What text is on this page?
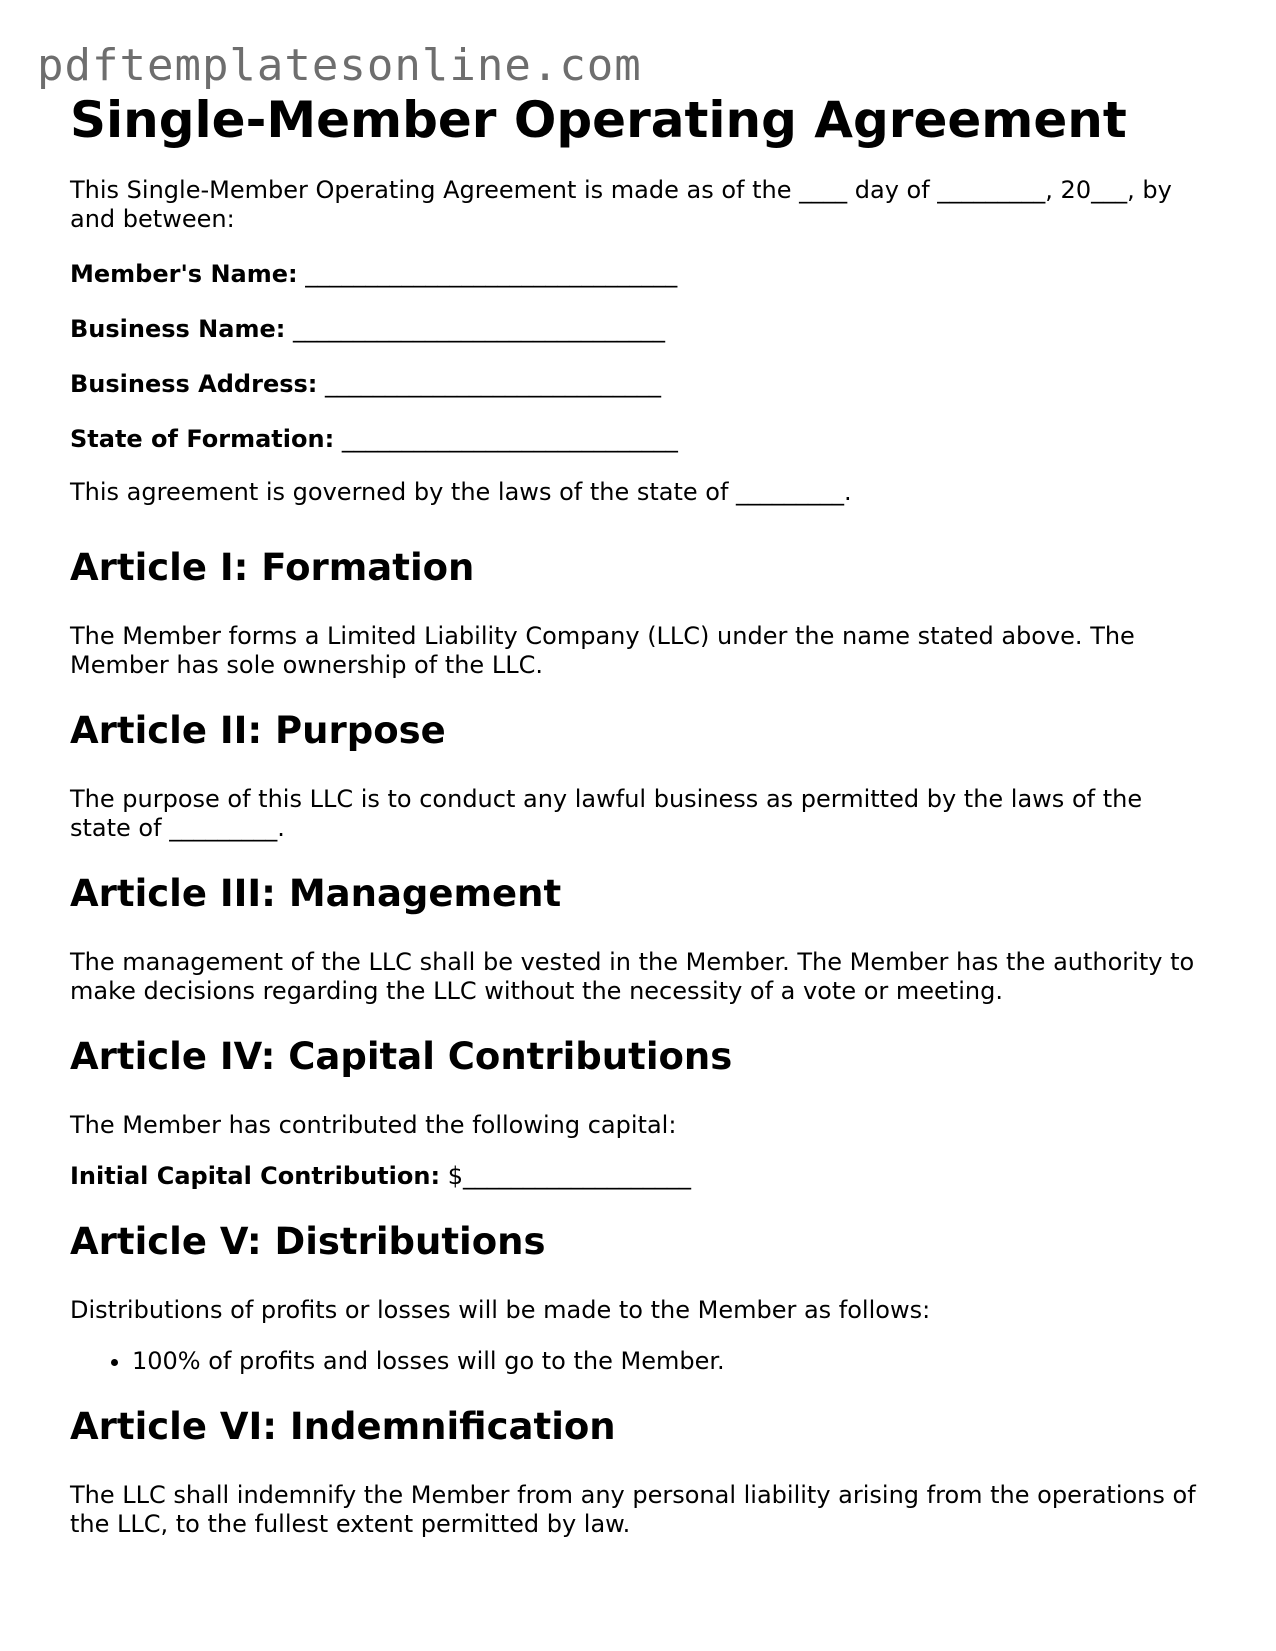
pdftemplatesonline.com
Single-Member Operating Agreement

This Single-Member Operating Agreement is made as of the ____ day of _________, 20___, by and between:

Member's Name: _______________________________
Business Name: _______________________________
Business Address: ____________________________
State of Formation: ____________________________

This agreement is governed by the laws of the state of _________.

Article I: Formation

The Member forms a Limited Liability Company (LLC) under the name stated above. The Member has sole ownership of the LLC.

Article II: Purpose

The purpose of this LLC is to conduct any lawful business as permitted by the laws of the state of _________.

Article III: Management

The management of the LLC shall be vested in the Member. The Member has the authority to make decisions regarding the LLC without the necessity of a vote or meeting.

Article IV: Capital Contributions

The Member has contributed the following capital:

Initial Capital Contribution: $___________________
Article V: Distributions

Distributions of profits or losses will be made to the Member as follows:

• 100% of profits and losses will go to the Member.
Article VI: Indemnification

The LLC shall indemnify the Member from any personal liability arising from the operations of the LLC, to the fullest extent permitted by law.
